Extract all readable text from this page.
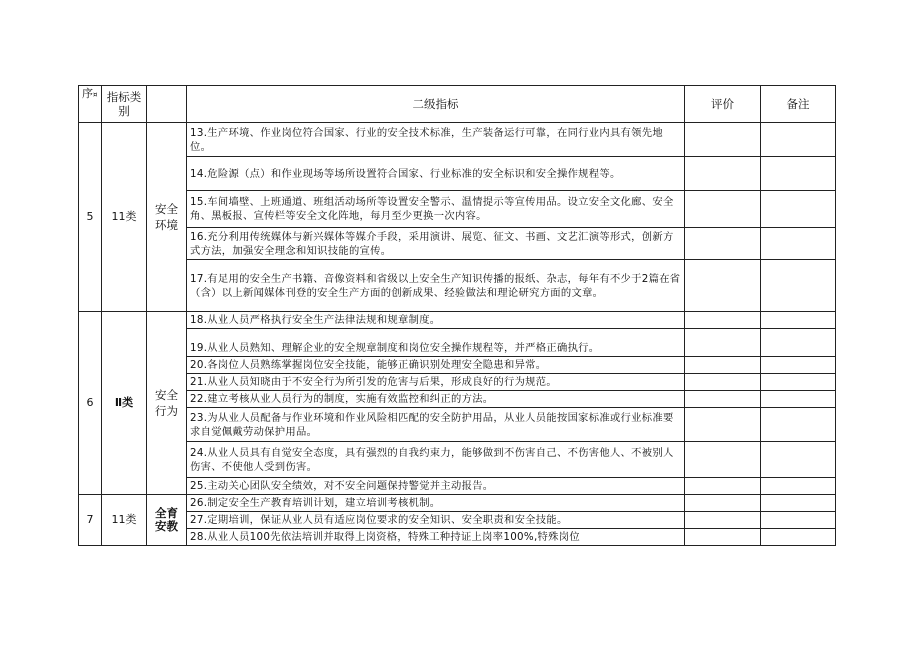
序¤	指标类别		二级指标	评价	备注
5	11类	安全环境	13.生产环境、作业岗位符合国家、行业的安全技术标准，生产装备运行可靠，在同行业内具有领先地位。		
			14.危险源（点）和作业现场等场所设置符合国家、行业标准的安全标识和安全操作规程等。		
			15.车间墙壁、上班通道、班组活动场所等设置安全警示、温情提示等宣传用品。设立安全文化廊、安全角、黑板报、宣传栏等安全文化阵地，每月至少更换一次内容。		
			16.充分利用传统媒体与新兴媒体等媒介手段，采用演讲、展览、征文、书画、文艺汇演等形式，创新方式方法，加强安全理念和知识技能的宣传。		
			17.有足用的安全生产书籍、音像资料和省级以上安全生产知识传播的报纸、杂志，每年有不少于2篇在省（含）以上新闻媒体刊登的安全生产方面的创新成果、经验做法和理论研究方面的文章。		
6	Ⅱ类	安全行为	18.从业人员严格执行安全生产法律法规和规章制度。		
			19.从业人员熟知、理解企业的安全规章制度和岗位安全操作规程等，并严格正确执行。		
			20.各岗位人员熟练掌握岗位安全技能，能够正确识别处理安全隐患和异常。		
			21.从业人员知晓由于不安全行为所引发的危害与后果，形成良好的行为规范。		
			22.建立考核从业人员行为的制度，实施有效监控和纠正的方法。		
			23.为从业人员配备与作业环境和作业风险相匹配的安全防护用品，从业人员能按国家标准或行业标准要求自觉佩戴劳动保护用品。		
			24.从业人员具有自觉安全态度，具有强烈的自我约束力，能够做到不伤害自己、不伤害他人、不被别人伤害、不使他人受到伤害。		
			25.主动关心团队安全绩效，对不安全问题保持警觉并主动报告。		
7	11类	全育安教	26.制定安全生产教育培训计划，建立培训考核机制。		
			27.定期培训，保证从业人员有适应岗位要求的安全知识、安全职责和安全技能。		
			28.从业人员100先依法培训并取得上岗资格，特殊工种持证上岗率100%,特殊岗位		
